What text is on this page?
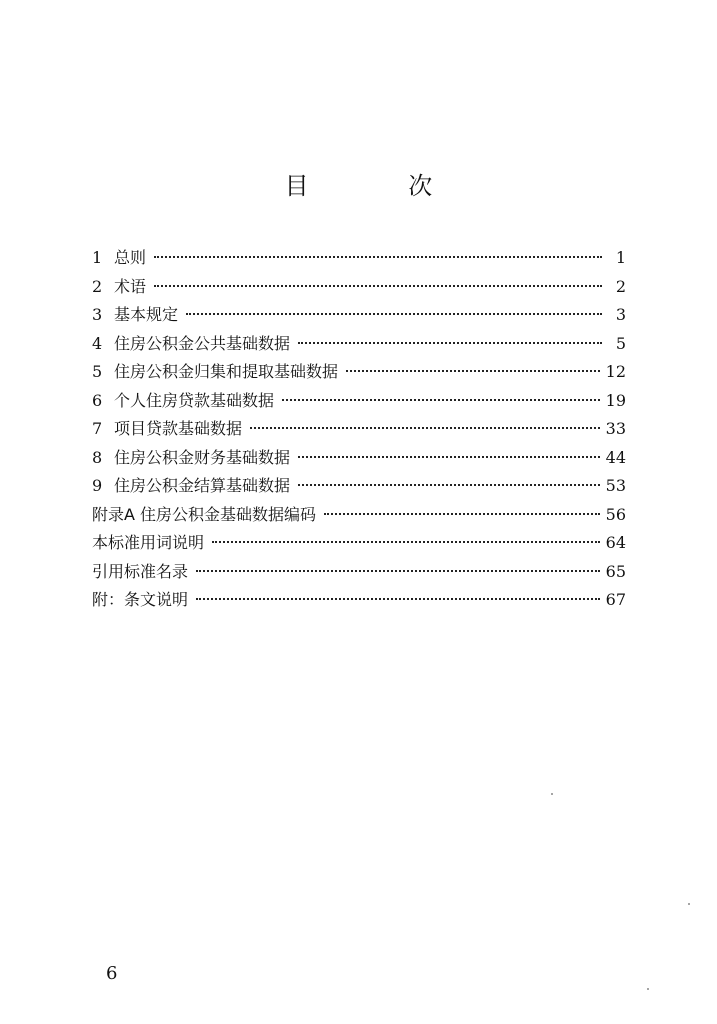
目 次
1 总则	1
2 术语	2
3 基本规定	3
4 住房公积金公共基础数据	5
5 住房公积金归集和提取基础数据	12
6 个人住房贷款基础数据	19
7 项目贷款基础数据	33
8 住房公积金财务基础数据	44
9 住房公积金结算基础数据	53
附录A 住房公积金基础数据编码	56
本标准用词说明	64
引用标准名录	65
附：条文说明	67
6
